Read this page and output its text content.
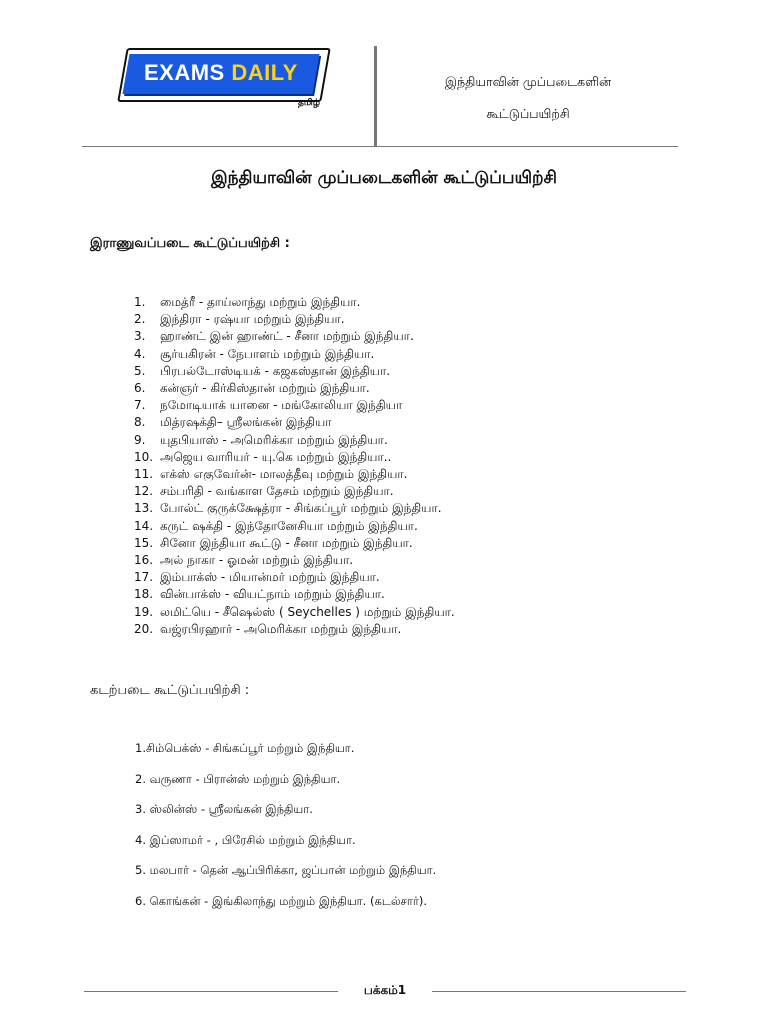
EXAMS DAILY
தமிழ்
இந்தியாவின் முப்படைகளின்
கூட்டுப்பயிற்சி
இந்தியாவின் முப்படைகளின் கூட்டுப்பயிற்சி
இராணுவப்படை கூட்டுப்பயிற்சி :
1.	மைத்ரீ - தாய்லாந்து மற்றும் இந்தியா.
2.	இந்திரா - ரஷ்யா மற்றும் இந்தியா.
3.	ஹாண்ட் இன் ஹாண்ட் - சீனா மற்றும் இந்தியா.
4.	சூர்யகிரன் - நேபாளம் மற்றும் இந்தியா.
5.	பிரபல்டோஸ்டியக் - கஜகஸ்தான் இந்தியா.
6.	கன்ஞர் - கிர்கிஸ்தான் மற்றும் இந்தியா.
7.	நமோடியாக் யானை - மங்கோலியா இந்தியா
8.	மித்ரஷக்தி– ஸ்ரீலங்கன் இந்தியா
9.	யுதபியாஸ் - அமெரிக்கா மற்றும் இந்தியா.
10. அஜெய வாரியர் - யு.கெ மற்றும் இந்தியா..
11. எக்ஸ் எகுவேர்ன்- மாலத்தீவு மற்றும் இந்தியா.
12. சம்பரிதி - வங்காள தேசம் மற்றும் இந்தியா.
13. போல்ட் குருக்க்ஷேத்ரா - சிங்கப்பூர் மற்றும் இந்தியா.
14. கருட் ஷக்தி - இந்தோனேசியா மற்றும் இந்தியா.
15. சினோ இந்தியா கூட்டு - சீனா மற்றும் இந்தியா.
16. அல் நாகா - ஓமன் மற்றும் இந்தியா.
17. இம்பாக்ஸ் - மியான்மர் மற்றும் இந்தியா.
18. வின்பாக்ஸ் - வியட்நாம் மற்றும் இந்தியா.
19. லமிட்யெ - சீஷெல்ஸ் ( Seychelles ) மற்றும் இந்தியா.
20. வஜ்ரபிரஹார் - அமெரிக்கா மற்றும் இந்தியா.
கடற்படை கூட்டுப்பயிற்சி :
1.சிம்பெக்ஸ் - சிங்கப்பூர் மற்றும் இந்தியா.
2. வருணா - பிரான்ஸ் மற்றும் இந்தியா.
3. ஸ்லின்ஸ் - ஸ்ரீலங்கன் இந்தியா.
4. இப்ஸாமர் - , பிரேசில் மற்றும் இந்தியா.
5. மலபார் - தென் ஆப்பிரிக்கா, ஜப்பான் மற்றும் இந்தியா.
6. கொங்கன் - இங்கிலாந்து மற்றும் இந்தியா. (கடல்சார்).
பக்கம்1
